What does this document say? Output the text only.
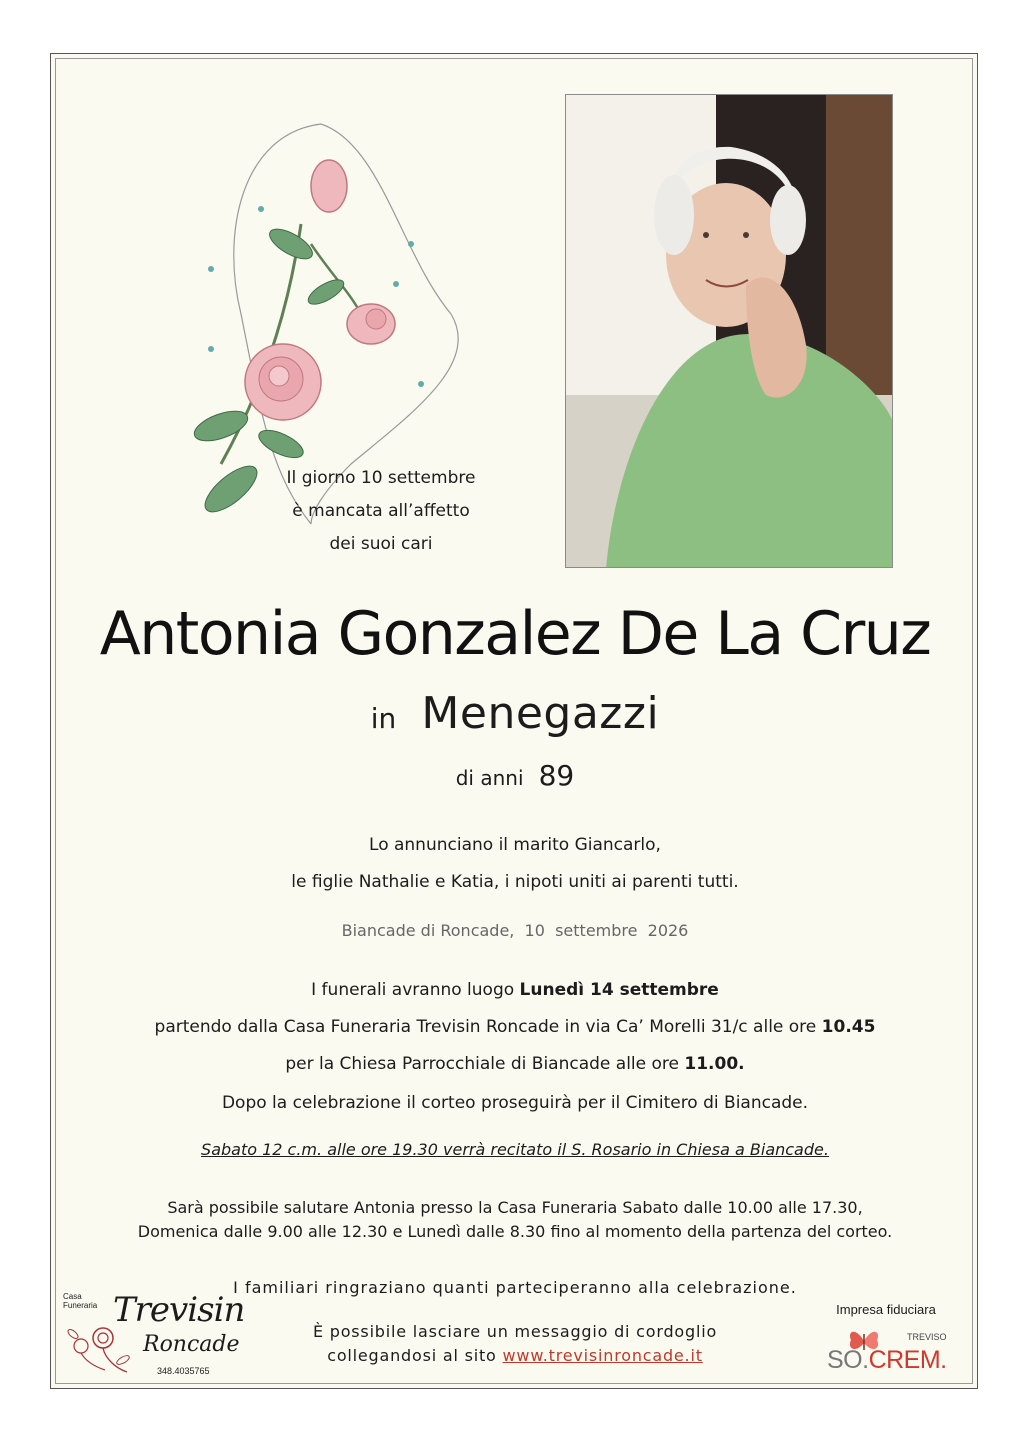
Il giorno 10 settembre
è mancata all’affetto
dei suoi cari
Antonia Gonzalez De La Cruz
in Menegazzi
di anni 89
Lo annunciano il marito Giancarlo,
le figlie Nathalie e Katia, i nipoti uniti ai parenti tutti.
Biancade di Roncade,  10  settembre  2026
I funerali avranno luogo Lunedì 14 settembre
partendo dalla Casa Funeraria Trevisin Roncade in via Ca’ Morelli 31/c alle ore 10.45
per la Chiesa Parrocchiale di Biancade alle ore 11.00.
Dopo la celebrazione il corteo proseguirà per il Cimitero di Biancade.
Sabato 12 c.m. alle ore 19.30 verrà recitato il S. Rosario in Chiesa a Biancade.
Sarà possibile salutare Antonia presso la Casa Funeraria Sabato dalle 10.00 alle 17.30,
Domenica dalle 9.00 alle 12.30 e Lunedì dalle 8.30 fino al momento della partenza del corteo.
I familiari ringraziano quanti parteciperanno alla celebrazione.
È possibile lasciare un messaggio di cordoglio
collegandosi al sito www.trevisinroncade.it
Casa
Funeraria Trevisin
Roncade
348.4035765
Impresa fiduciara
TREVISO
SO.CREM.
